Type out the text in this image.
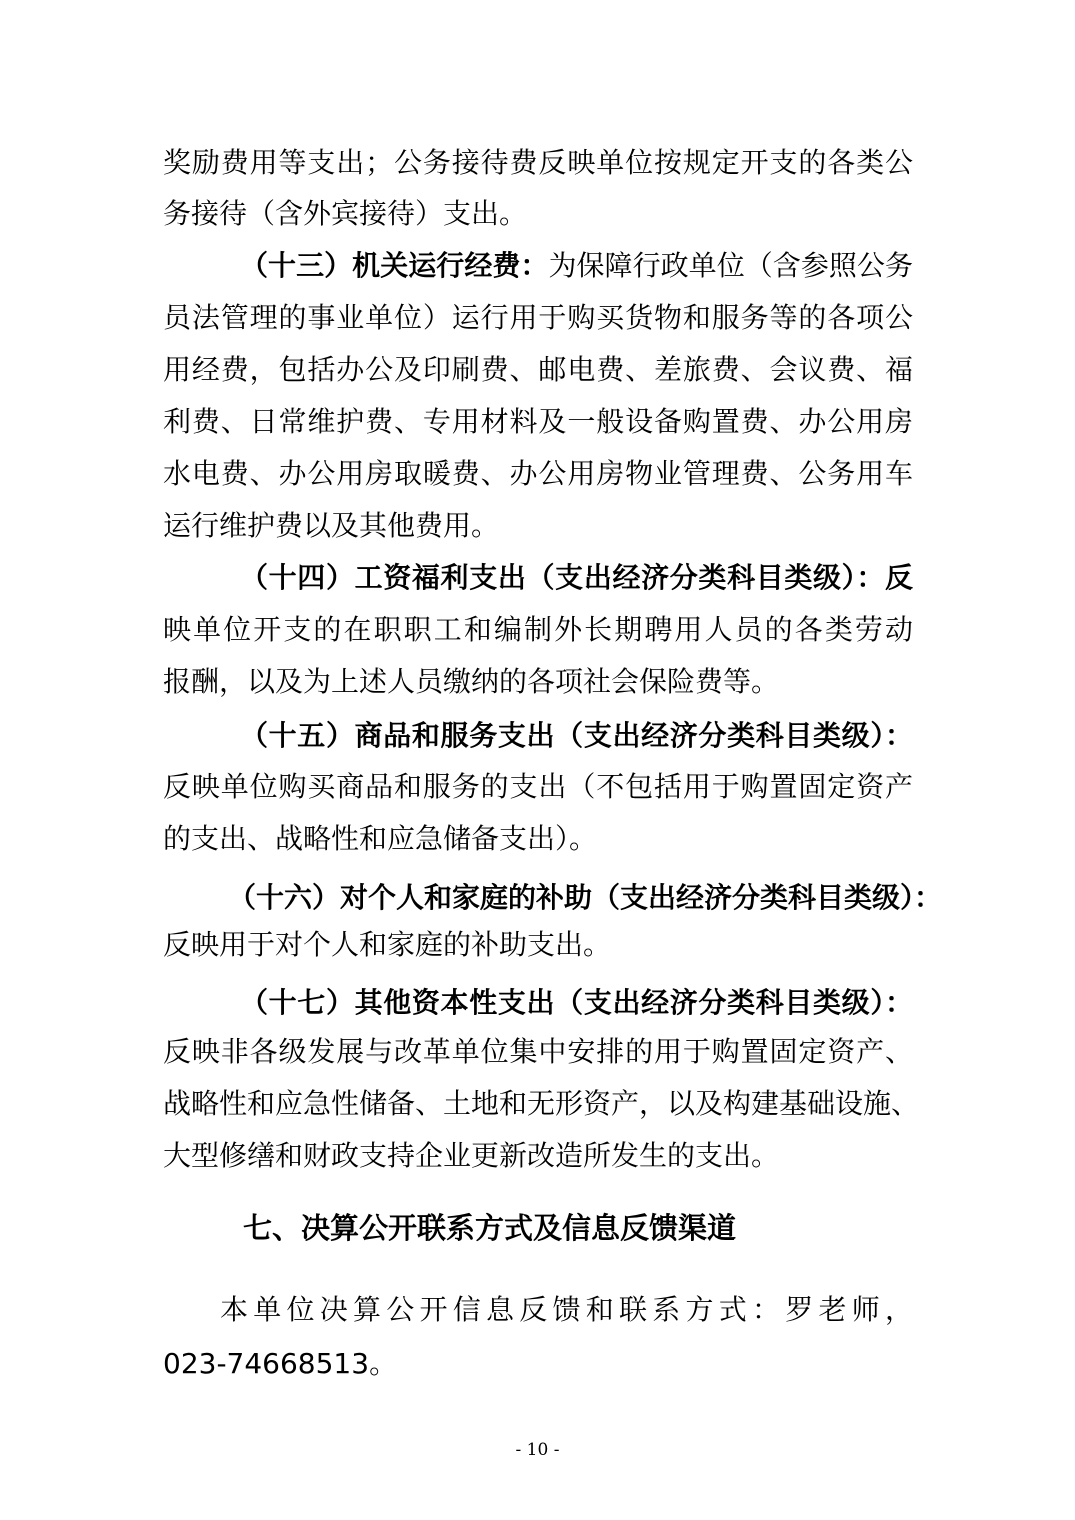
奖励费用等支出；公务接待费反映单位按规定开支的各类公

务接待（含外宾接待）支出。

（十三）机关运行经费：为保障行政单位（含参照公务

员法管理的事业单位）运行用于购买货物和服务等的各项公

用经费，包括办公及印刷费、邮电费、差旅费、会议费、福

利费、日常维护费、专用材料及一般设备购置费、办公用房

水电费、办公用房取暖费、办公用房物业管理费、公务用车

运行维护费以及其他费用。

（十四）工资福利支出（支出经济分类科目类级）：反

映单位开支的在职职工和编制外长期聘用人员的各类劳动

报酬，以及为上述人员缴纳的各项社会保险费等。

（十五）商品和服务支出（支出经济分类科目类级）：

反映单位购买商品和服务的支出（不包括用于购置固定资产

的支出、战略性和应急储备支出）。

（十六）对个人和家庭的补助（支出经济分类科目类级）：

反映用于对个人和家庭的补助支出。

（十七）其他资本性支出（支出经济分类科目类级）：

反映非各级发展与改革单位集中安排的用于购置固定资产、

战略性和应急性储备、土地和无形资产，以及构建基础设施、

大型修缮和财政支持企业更新改造所发生的支出。

七、决算公开联系方式及信息反馈渠道

本单位决算公开信息反馈和联系方式：罗老师，

023-74668513。

- 10 -
